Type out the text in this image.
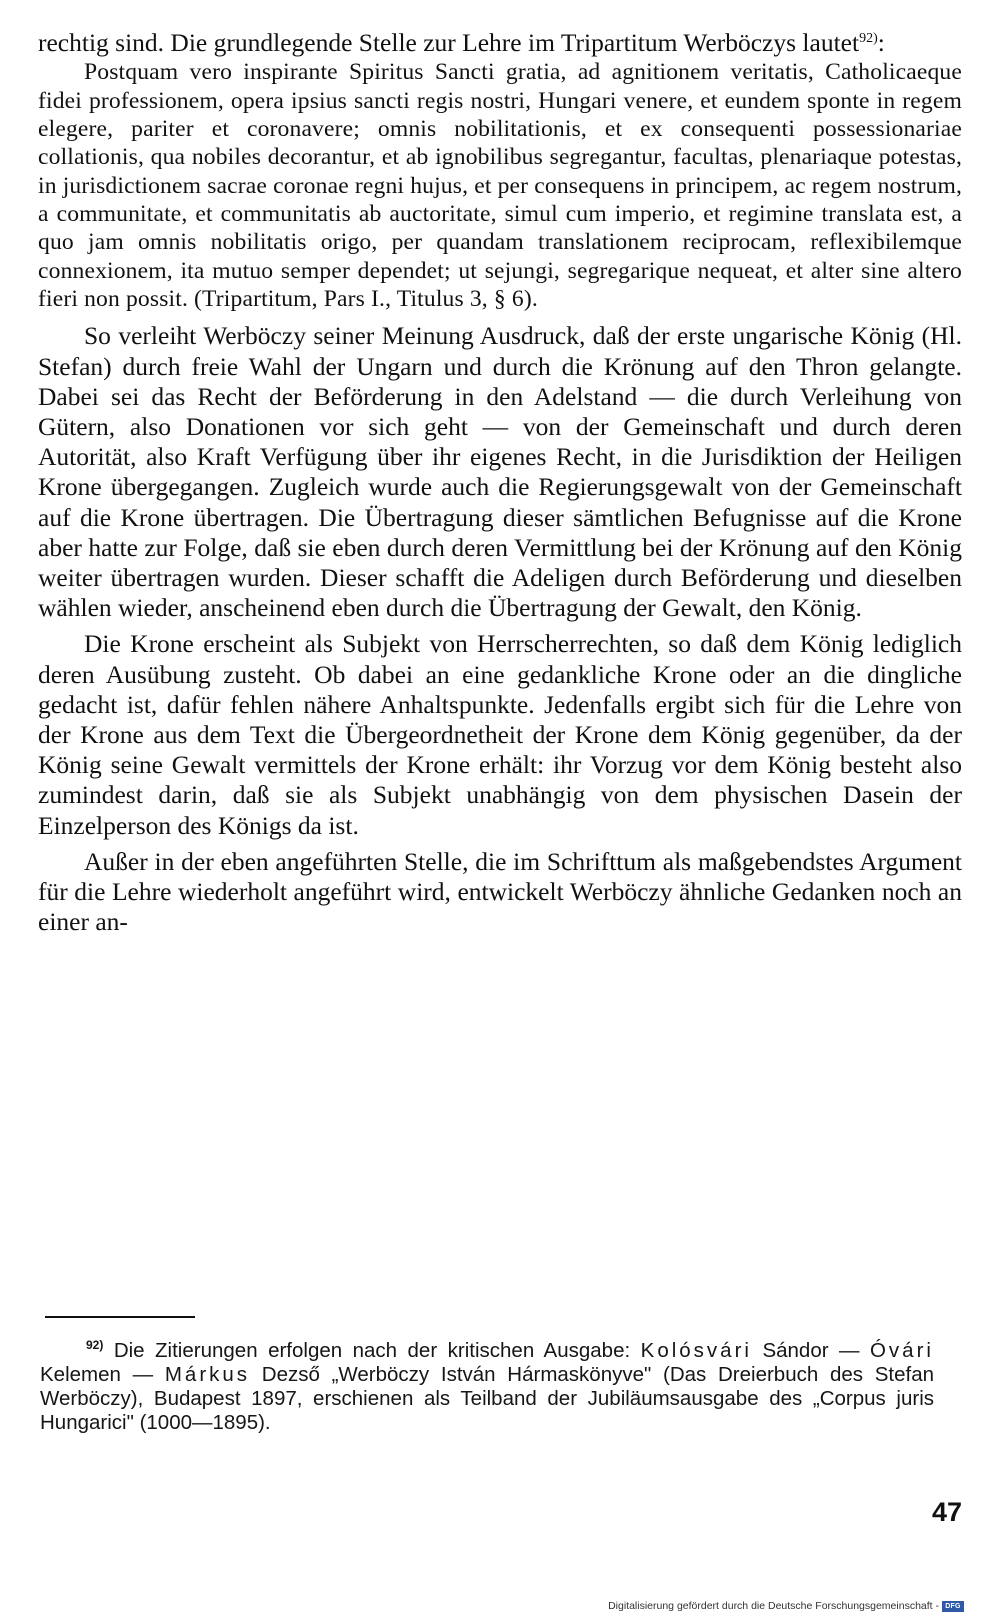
rechtig sind. Die grundlegende Stelle zur Lehre im Tripartitum Werböczys lautet$^{92)}$:

Postquam vero inspirante Spiritus Sancti gratia, ad agnitionem veritatis, Catholicaeque fidei professionem, opera ipsius sancti regis nostri, Hungari venere, et eundem sponte in regem elegere, pariter et coronavere; omnis nobilitationis, et ex consequenti possessionariae collationis, qua nobiles decorantur, et ab ignobilibus segregantur, facultas, plenariaque potestas, in jurisdictionem sacrae coronae regni hujus, et per consequens in principem, ac regem nostrum, a communitate, et communitatis ab auctoritate, simul cum imperio, et regimine translata est, a quo jam omnis nobilitatis origo, per quandam translationem reciprocam, reflexibilemque connexionem, ita mutuo semper dependet; ut sejungi, segregarique nequeat, et alter sine altero fieri non possit. (Tripartitum, Pars I., Titulus 3, § 6).

So verleiht Werböczy seiner Meinung Ausdruck, daß der erste ungarische König (Hl. Stefan) durch freie Wahl der Ungarn und durch die Krönung auf den Thron gelangte. Dabei sei das Recht der Beförderung in den Adelstand — die durch Verleihung von Gütern, also Donationen vor sich geht — von der Gemeinschaft und durch deren Autorität, also Kraft Verfügung über ihr eigenes Recht, in die Jurisdiktion der Heiligen Krone übergegangen. Zugleich wurde auch die Regierungsgewalt von der Gemeinschaft auf die Krone übertragen. Die Übertragung dieser sämtlichen Befugnisse auf die Krone aber hatte zur Folge, daß sie eben durch deren Vermittlung bei der Krönung auf den König weiter übertragen wurden. Dieser schafft die Adeligen durch Beförderung und dieselben wählen wieder, anscheinend eben durch die Übertragung der Gewalt, den König.

Die Krone erscheint als Subjekt von Herrscherrechten, so daß dem König lediglich deren Ausübung zusteht. Ob dabei an eine gedankliche Krone oder an die dingliche gedacht ist, dafür fehlen nähere Anhaltspunkte. Jedenfalls ergibt sich für die Lehre von der Krone aus dem Text die Übergeordnetheit der Krone dem König gegenüber, da der König seine Gewalt vermittels der Krone erhält: ihr Vorzug vor dem König besteht also zumindest darin, daß sie als Subjekt unabhängig von dem physischen Dasein der Einzelperson des Königs da ist.

Außer in der eben angeführten Stelle, die im Schrifttum als maßgebendstes Argument für die Lehre wiederholt angeführt wird, entwickelt Werböczy ähnliche Gedanken noch an einer an-

$^{92)}$ Die Zitierungen erfolgen nach der kritischen Ausgabe: Kolósvári Sándor — Óvári Kelemen — Márkus Dezső „Werböczy István Hármaskönyve" (Das Dreierbuch des Stefan Werböczy), Budapest 1897, erschienen als Teilband der Jubiläumsausgabe des „Corpus juris Hungarici" (1000—1895).

47
Digitalisierung gefördert durch die Deutsche Forschungsgemeinschaft - DFG
